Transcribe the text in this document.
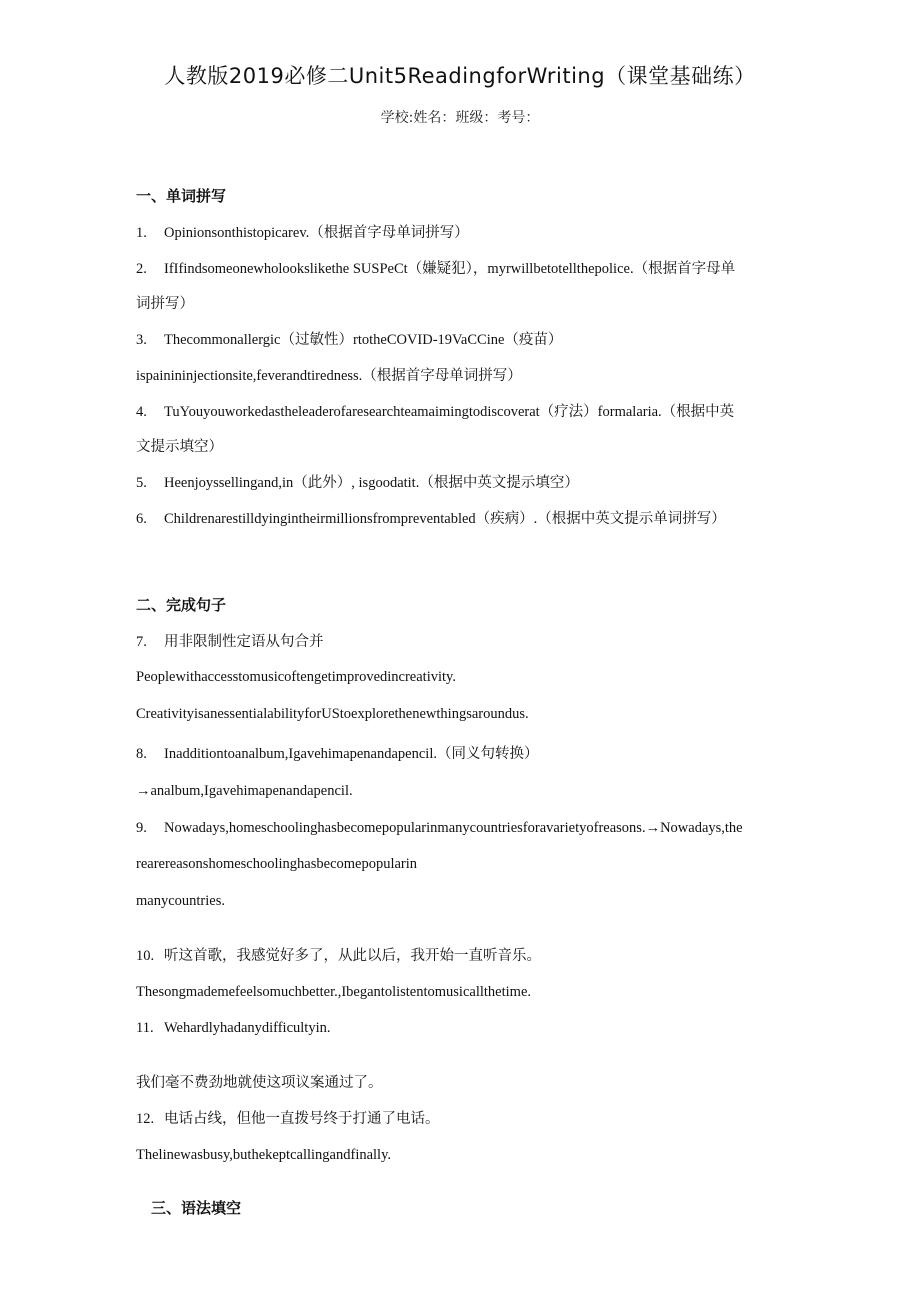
人教版2019必修二Unit5ReadingforWriting（课堂基础练）
学校:姓名：班级：考号：
一、单词拼写
1. Opinionsonthistopicarev.（根据首字母单词拼写）
2. IfIfindsomeonewholookslikethe SUSPeCt（嫌疑犯），myrwillbetotellthepolice.（根据首字母单
词拼写）
3. Thecommonallergic（过敏性）rtotheCOVID-19VaCCine（疫苗）
ispainininjectionsite,feverandtiredness.（根据首字母单词拼写）
4. TuYouyouworkedastheleaderofaresearchteamaimingtodiscoverat（疗法）formalaria.（根据中英
文提示填空）
5. Heenjoyssellingand,in（此外）, isgoodatit.（根据中英文提示填空）
6. Childrenarestilldyingintheirmillionsfrompreventabled（疾病）.（根据中英文提示单词拼写）
二、完成句子
7. 用非限制性定语从句合并
Peoplewithaccesstomusicoftengetimprovedincreativity.
CreativityisanessentialabilityforUStoexplorethenewthingsaroundus.
8. Inadditiontoanalbum,Igavehimapenandapencil.（同义句转换）
→analbum,Igavehimapenandapencil.
9. Nowadays,homeschoolinghasbecomepopularinmanycountriesforavarietyofreasons.→Nowadays,the
rearereasonshomeschoolinghasbecomepopularin
manycountries.
10. 听这首歌，我感觉好多了，从此以后，我开始一直听音乐。
Thesongmademefeelsomuchbetter.,Ibegantolistentomusicallthetime.
11. Wehardlyhadanydifficultyin.
我们毫不费劲地就使这项议案通过了。
12. 电话占线，但他一直拨号终于打通了电话。
Thelinewasbusy,buthekeptcallingandfinally.
三、语法填空
